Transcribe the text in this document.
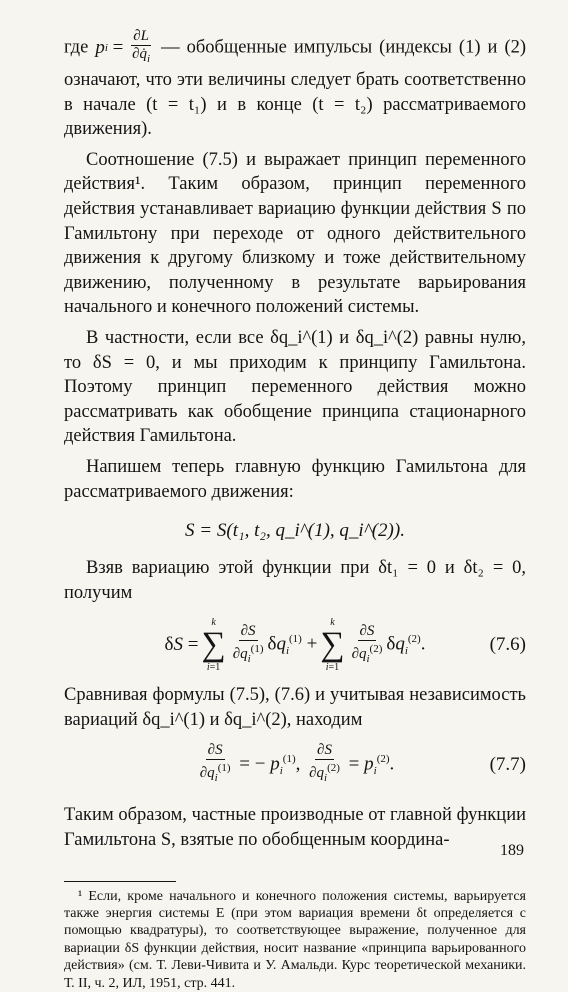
где p $i = \frac{\partial L}{\partial q̇_i}$ — обобщенные импульсы (индексы (1) и (2) означают, что эти величины следует брать соответственно в начале (t = t₁) и в конце (t = t₂) рассматриваемого движения).

Соотношение (7.5) и выражает принцип переменного действия¹. Таким образом, принцип переменного действия устанавливает вариацию функции действия S по Гамильтону при переходе от одного действительного движения к другому близкому и тоже действительному движению, полученному в результате варьирования начального и конечного положений системы.

В частности, если все δq_i^(1) и δq_i^(2) равны нулю, то δS = 0, и мы приходим к принципу Гамильтона. Поэтому принцип переменного действия можно рассматривать как обобщение принципа стационарного действия Гамильтона.

Напишем теперь главную функцию Гамильтона для рассматриваемого движения:

S = S(t₁, t₂, q_i^(1), q_i^(2)).

Взяв вариацию этой функции при δt₁ = 0 и δt₂ = 0, получим

δS =
k
∑
$i=1 \frac{\partial S}{\partial q_i^{(1)}} \delta q_i^{(1)}$ +
k
∑
$i=1 \frac{\partial S}{\partial q_i^{(2)}} \delta q_i^{(2)}$.	(7.6)

Сравнивая формулы (7.5), (7.6) и учитывая независимость вариаций δq_i^(1) и δq_i^(2), находим

$\frac{\partial S}{\partial q_i^{(1)}}$ = − $p_i^{(1)}$, $\frac{\partial S}{\partial q_i^{(2)}} = p_i^{(2)}$.	(7.7)

Таким образом, частные производные от главной функции Гамильтона S, взятые по обобщенным координа-

¹ Если, кроме начального и конечного положения системы, варьируется также энергия системы E (при этом вариация времени δt определяется с помощью квадратуры), то соответствующее выражение, полученное для вариации δS функции действия, носит название «принципа варьированного действия» (см. Т. Леви-Чивита и У. Амальди. Курс теоретической механики. Т. II, ч. 2, ИЛ, 1951, стр. 441.

189
